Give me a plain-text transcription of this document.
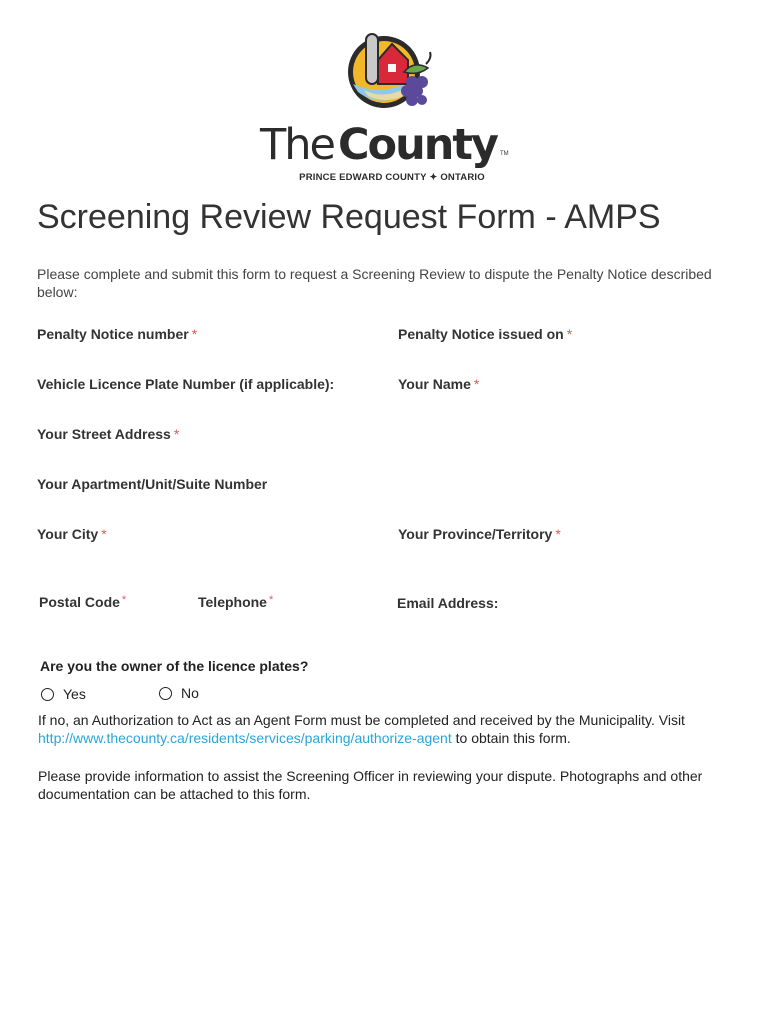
The County TM
PRINCE EDWARD COUNTY ✦ ONTARIO
Screening Review Request Form - AMPS

Please complete and submit this form to request a Screening Review to dispute the Penalty Notice described below:

Penalty Notice number *	Penalty Notice issued on *
Vehicle Licence Plate Number (if applicable):	Your Name *
Your Street Address *
Your Apartment/Unit/Suite Number
Your City *	Your Province/Territory *
Postal Code *	Telephone *	Email Address:
Are you the owner of the licence plates?
Yes	No

If no, an Authorization to Act as an Agent Form must be completed and received by the Municipality. Visit http://www.thecounty.ca/residents/services/parking/authorize-agent to obtain this form.

Please provide information to assist the Screening Officer in reviewing your dispute. Photographs and other documentation can be attached to this form.
